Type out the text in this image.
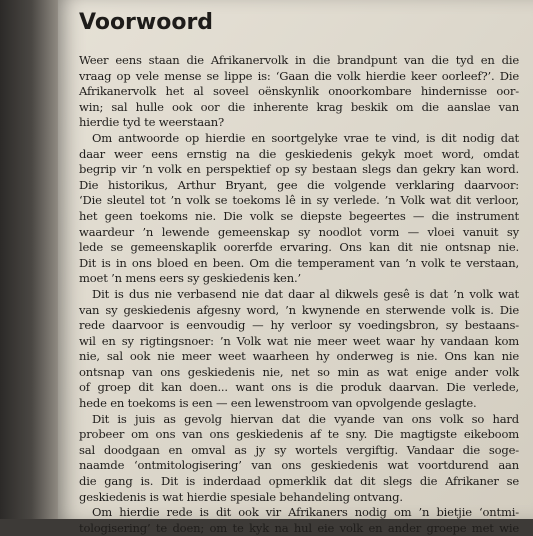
Voorwoord
Weer eens staan die Afrikanervolk in die brandpunt van die tyd en die
vraag op vele mense se lippe is: ‘Gaan die volk hierdie keer oorleef?’. Die
Afrikanervolk het al soveel oënskynlik onoorkombare hindernisse oor-
win; sal hulle ook oor die inherente krag beskik om die aanslae van
hierdie tyd te weerstaan?
Om antwoorde op hierdie en soortgelyke vrae te vind, is dit nodig dat
daar weer eens ernstig na die geskiedenis gekyk moet word, omdat
begrip vir ’n volk en perspektief op sy bestaan slegs dan gekry kan word.
Die historikus, Arthur Bryant, gee die volgende verklaring daarvoor:
‘Die sleutel tot ’n volk se toekoms lê in sy verlede. ’n Volk wat dit verloor,
het geen toekoms nie. Die volk se diepste begeertes — die instrument
waardeur ’n lewende gemeenskap sy noodlot vorm — vloei vanuit sy
lede se gemeenskaplik oorerfde ervaring. Ons kan dit nie ontsnap nie.
Dit is in ons bloed en been. Om die temperament van ’n volk te verstaan,
moet ’n mens eers sy geskiedenis ken.’
Dit is dus nie verbasend nie dat daar al dikwels gesê is dat ’n volk wat
van sy geskiedenis afgesny word, ’n kwynende en sterwende volk is. Die
rede daarvoor is eenvoudig — hy verloor sy voedingsbron, sy bestaans-
wil en sy rigtingsnoer: ’n Volk wat nie meer weet waar hy vandaan kom
nie, sal ook nie meer weet waarheen hy onderweg is nie. Ons kan nie
ontsnap van ons geskiedenis nie, net so min as wat enige ander volk
of groep dit kan doen... want ons is die produk daarvan. Die verlede,
hede en toekoms is een — een lewenstroom van opvolgende geslagte.
Dit is juis as gevolg hiervan dat die vyande van ons volk so hard
probeer om ons van ons geskiedenis af te sny. Die magtigste eikeboom
sal doodgaan en omval as jy sy wortels vergiftig. Vandaar die soge-
naamde ‘ontmitologisering’ van ons geskiedenis wat voortdurend aan
die gang is. Dit is inderdaad opmerklik dat dit slegs die Afrikaner se
geskiedenis is wat hierdie spesiale behandeling ontvang.
Om hierdie rede is dit ook vir Afrikaners nodig om ’n bietjie ‘ontmi-
tologisering’ te doen; om te kyk na hul eie volk en ander groepe met wie
